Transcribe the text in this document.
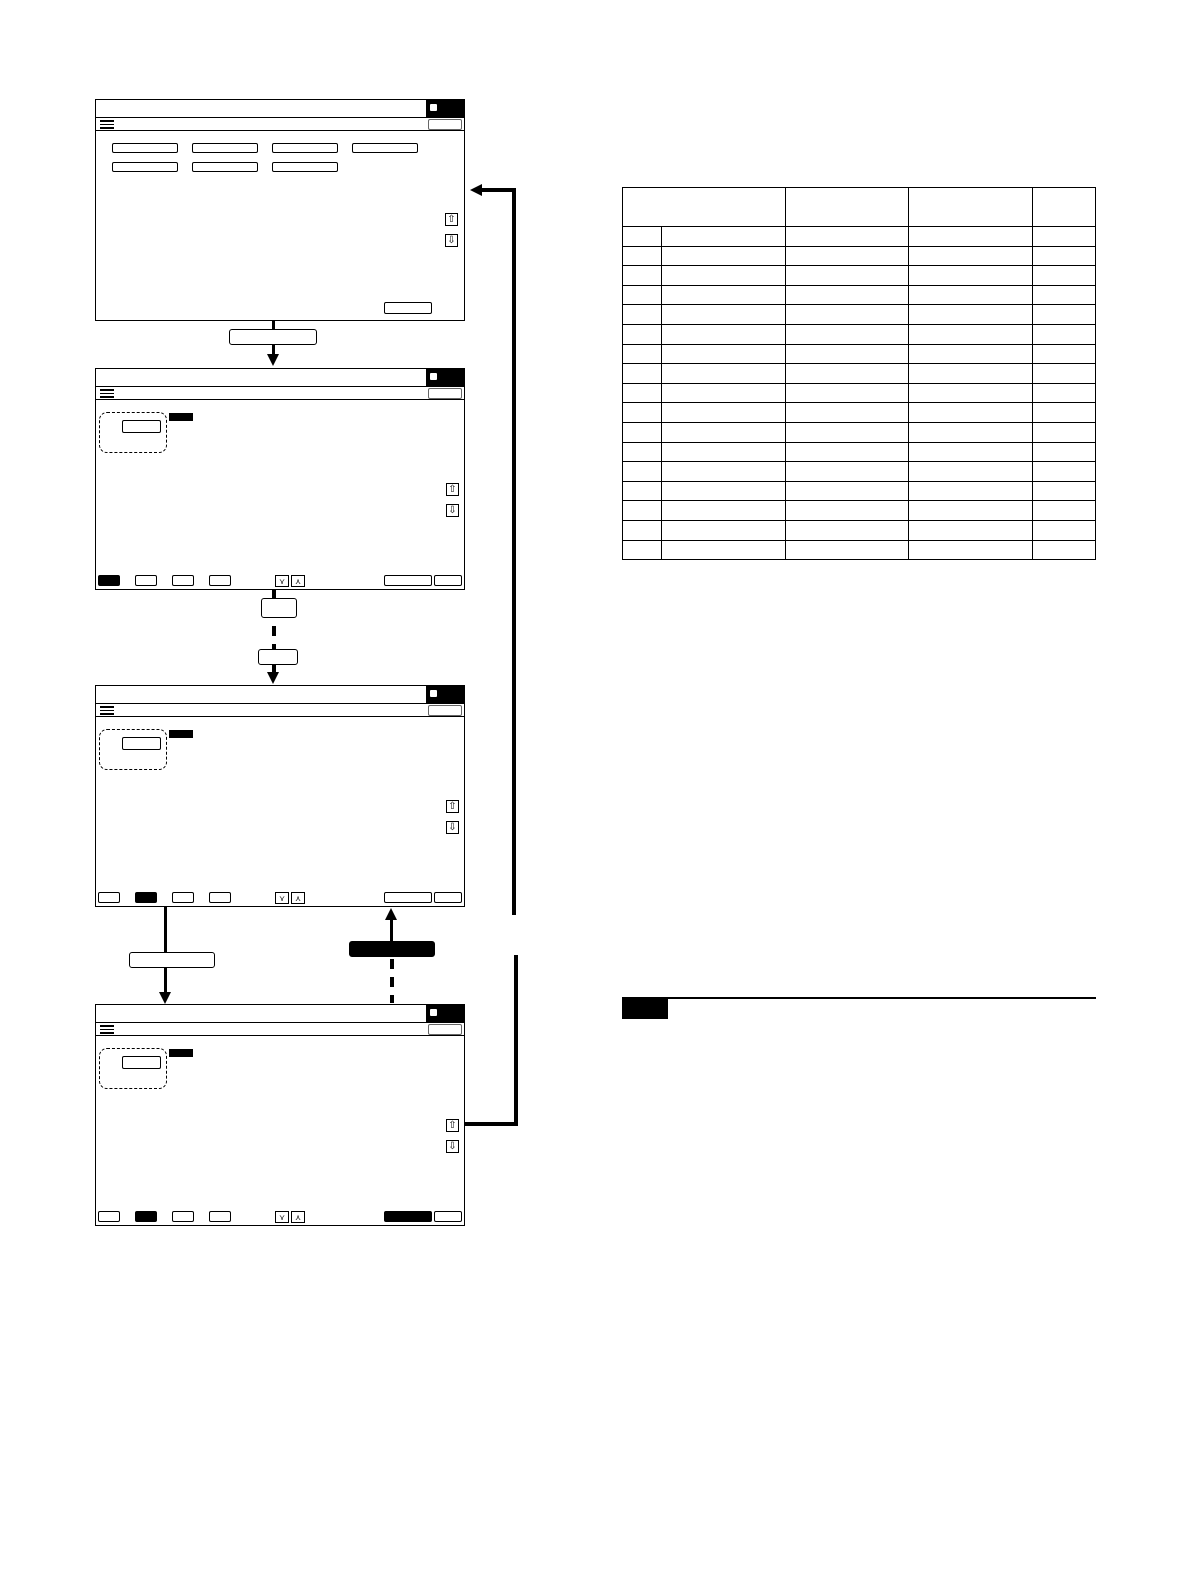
⇧
⇩
⇧
⇩
⋎	⋏
⇧
⇩
⋎	⋏
⇧
⇩
⋎	⋏
